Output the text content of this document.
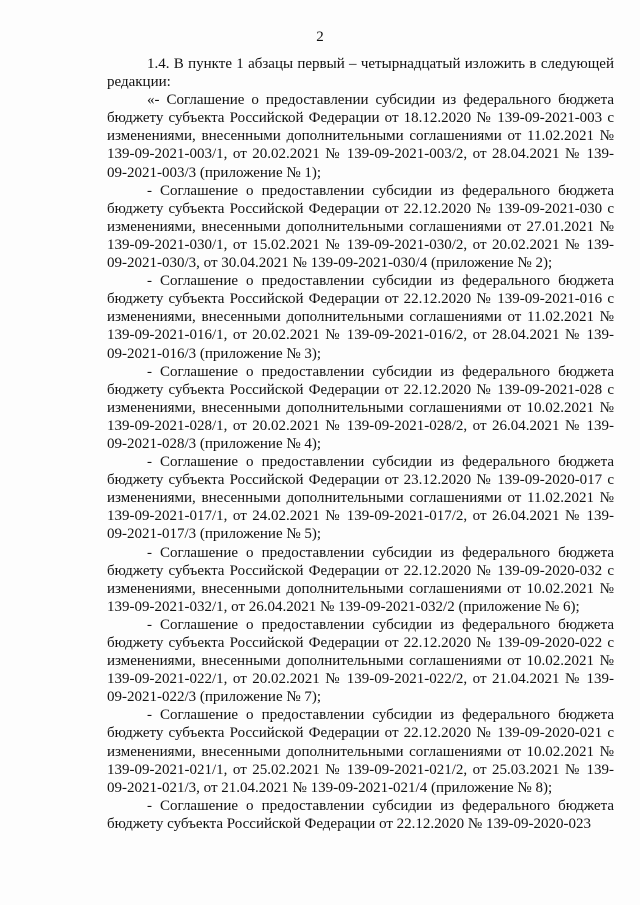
2

1.4. В пункте 1 абзацы первый – четырнадцатый изложить в следующей редакции:

«- Соглашение о предоставлении субсидии из федерального бюджета бюджету субъекта Российской Федерации от 18.12.2020 № 139-09-2021-003 с изменениями, внесенными дополнительными соглашениями от 11.02.2021 № 139-09-2021-003/1, от 20.02.2021 № 139-09-2021-003/2, от 28.04.2021 № 139-09-2021-003/3 (приложение № 1);

- Соглашение о предоставлении субсидии из федерального бюджета бюджету субъекта Российской Федерации от 22.12.2020 № 139-09-2021-030 с изменениями, внесенными дополнительными соглашениями от 27.01.2021 № 139-09-2021-030/1, от 15.02.2021 № 139-09-2021-030/2, от 20.02.2021 № 139-09-2021-030/3, от 30.04.2021 № 139-09-2021-030/4 (приложение № 2);

- Соглашение о предоставлении субсидии из федерального бюджета бюджету субъекта Российской Федерации от 22.12.2020 № 139-09-2021-016 с изменениями, внесенными дополнительными соглашениями от 11.02.2021 № 139-09-2021-016/1, от 20.02.2021 № 139-09-2021-016/2, от 28.04.2021 № 139-09-2021-016/3 (приложение № 3);

- Соглашение о предоставлении субсидии из федерального бюджета бюджету субъекта Российской Федерации от 22.12.2020 № 139-09-2021-028 с изменениями, внесенными дополнительными соглашениями от 10.02.2021 № 139-09-2021-028/1, от 20.02.2021 № 139-09-2021-028/2, от 26.04.2021 № 139-09-2021-028/3 (приложение № 4);

- Соглашение о предоставлении субсидии из федерального бюджета бюджету субъекта Российской Федерации от 23.12.2020 № 139-09-2020-017 с изменениями, внесенными дополнительными соглашениями от 11.02.2021 № 139-09-2021-017/1, от 24.02.2021 № 139-09-2021-017/2, от 26.04.2021 № 139-09-2021-017/3 (приложение № 5);

- Соглашение о предоставлении субсидии из федерального бюджета бюджету субъекта Российской Федерации от 22.12.2020 № 139-09-2020-032 с изменениями, внесенными дополнительными соглашениями от 10.02.2021 № 139-09-2021-032/1, от 26.04.2021 № 139-09-2021-032/2 (приложение № 6);

- Соглашение о предоставлении субсидии из федерального бюджета бюджету субъекта Российской Федерации от 22.12.2020 № 139-09-2020-022 с изменениями, внесенными дополнительными соглашениями от 10.02.2021 № 139-09-2021-022/1, от 20.02.2021 № 139-09-2021-022/2, от 21.04.2021 № 139-09-2021-022/3 (приложение № 7);

- Соглашение о предоставлении субсидии из федерального бюджета бюджету субъекта Российской Федерации от 22.12.2020 № 139-09-2020-021 с изменениями, внесенными дополнительными соглашениями от 10.02.2021 № 139-09-2021-021/1, от 25.02.2021 № 139-09-2021-021/2, от 25.03.2021 № 139-09-2021-021/3, от 21.04.2021 № 139-09-2021-021/4 (приложение № 8);

- Соглашение о предоставлении субсидии из федерального бюджета бюджету субъекта Российской Федерации от 22.12.2020 № 139-09-2020-023
